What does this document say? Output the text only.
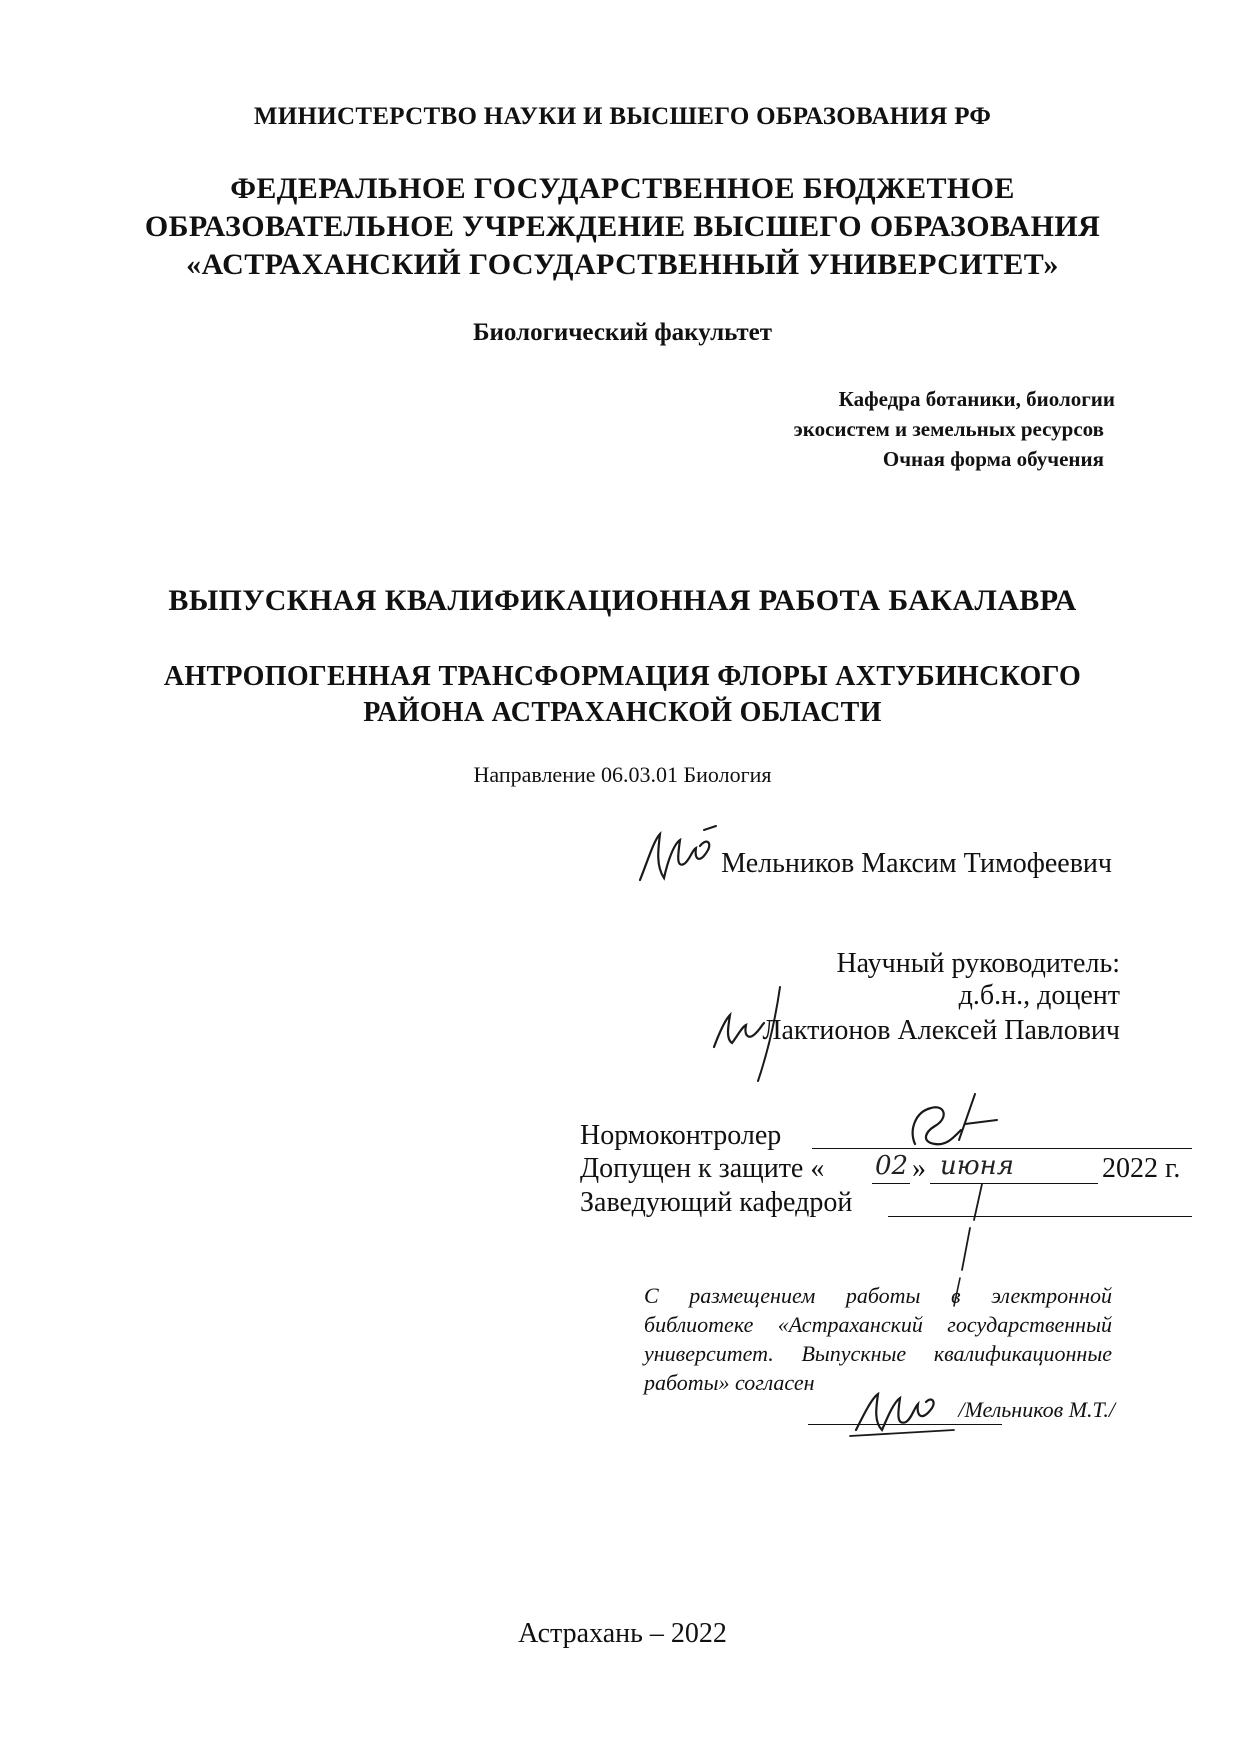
МИНИСТЕРСТВО НАУКИ И ВЫСШЕГО ОБРАЗОВАНИЯ РФ
ФЕДЕРАЛЬНОЕ ГОСУДАРСТВЕННОЕ БЮДЖЕТНОЕ
ОБРАЗОВАТЕЛЬНОЕ УЧРЕЖДЕНИЕ ВЫСШЕГО ОБРАЗОВАНИЯ
«АСТРАХАНСКИЙ ГОСУДАРСТВЕННЫЙ УНИВЕРСИТЕТ»
Биологический факультет
Кафедра ботаники, биологии
экосистем и земельных ресурсов
Очная форма обучения
ВЫПУСКНАЯ КВАЛИФИКАЦИОННАЯ РАБОТА БАКАЛАВРА
АНТРОПОГЕННАЯ ТРАНСФОРМАЦИЯ ФЛОРЫ АХТУБИНСКОГО
РАЙОНА АСТРАХАНСКОЙ ОБЛАСТИ
Направление 06.03.01 Биология
Мельников Максим Тимофеевич
Научный руководитель:
д.б.н., доцент
Лактионов Алексей Павлович
Нормоконтролер
Допущен к защите « 02 » июня	2022 г.
Заведующий кафедрой
С размещением работы в электронной
библиотеке «Астраханский государственный
университет. Выпускные квалификационные
работы» согласен
/Мельников М.Т./
Астрахань – 2022
